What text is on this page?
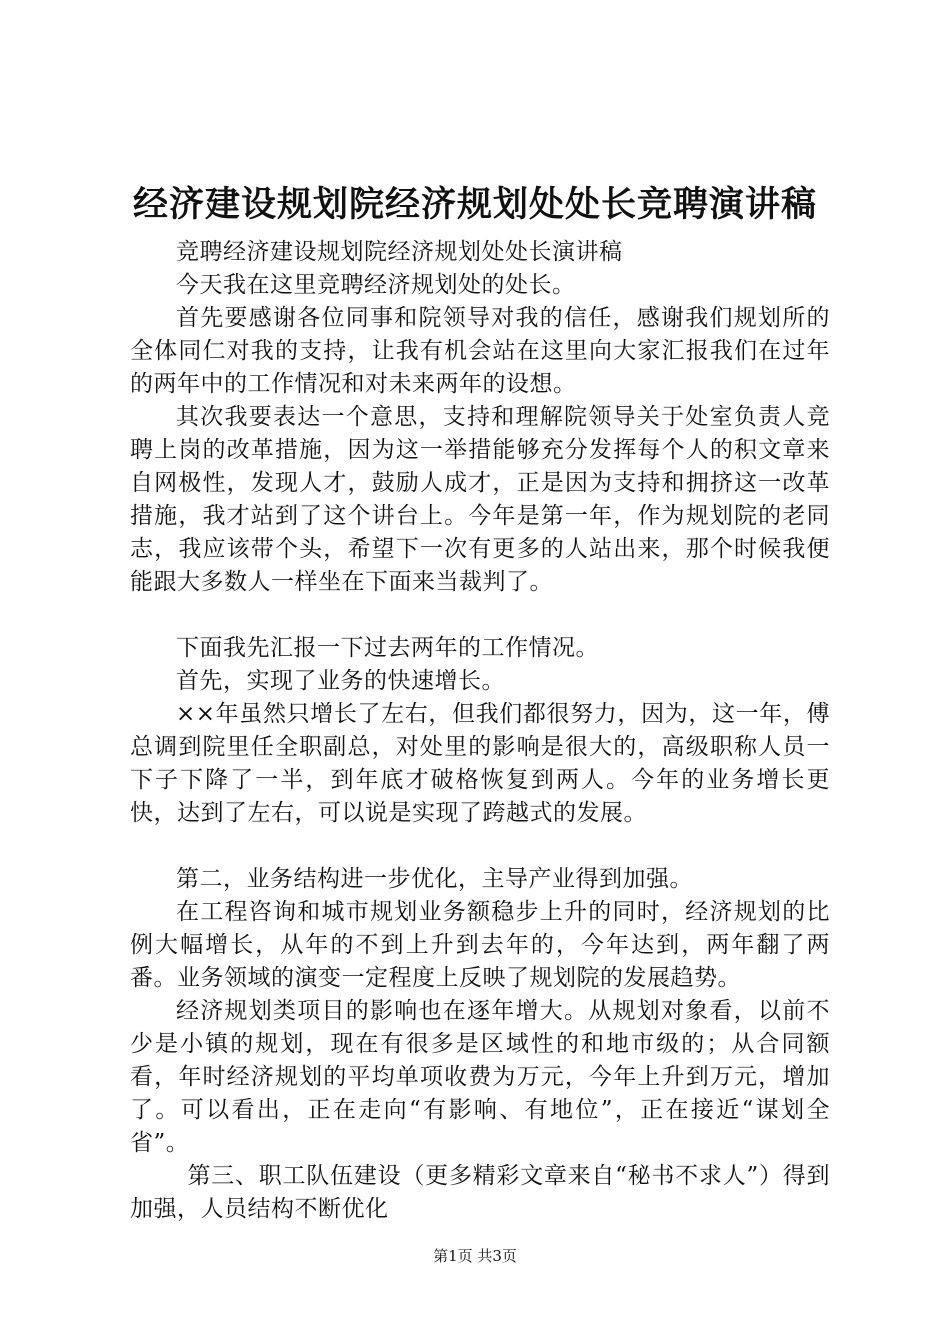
经济建设规划院经济规划处处长竞聘演讲稿

竞聘经济建设规划院经济规划处处长演讲稿

今天我在这里竞聘经济规划处的处长。

首先要感谢各位同事和院领导对我的信任，感谢我们规划所的全体同仁对我的支持，让我有机会站在这里向大家汇报我们在过年的两年中的工作情况和对未来两年的设想。

其次我要表达一个意思，支持和理解院领导关于处室负责人竞聘上岗的改革措施，因为这一举措能够充分发挥每个人的积文章来自网极性，发现人才，鼓励人成才，正是因为支持和拥挤这一改革措施，我才站到了这个讲台上。今年是第一年，作为规划院的老同志，我应该带个头，希望下一次有更多的人站出来，那个时候我便能跟大多数人一样坐在下面来当裁判了。

下面我先汇报一下过去两年的工作情况。

首先，实现了业务的快速增长。

××年虽然只增长了左右，但我们都很努力，因为，这一年，傅总调到院里任全职副总，对处里的影响是很大的，高级职称人员一下子下降了一半，到年底才破格恢复到两人。今年的业务增长更快，达到了左右，可以说是实现了跨越式的发展。

第二，业务结构进一步优化，主导产业得到加强。

在工程咨询和城市规划业务额稳步上升的同时，经济规划的比例大幅增长，从年的不到上升到去年的，今年达到，两年翻了两番。业务领域的演变一定程度上反映了规划院的发展趋势。

经济规划类项目的影响也在逐年增大。从规划对象看，以前不少是小镇的规划，现在有很多是区域性的和地市级的；从合同额看，年时经济规划的平均单项收费为万元，今年上升到万元，增加了。可以看出，正在走向“有影响、有地位”，正在接近“谋划全省”。

第三、职工队伍建设（更多精彩文章来自“秘书不求人”）得到加强，人员结构不断优化

第1页 共3页
